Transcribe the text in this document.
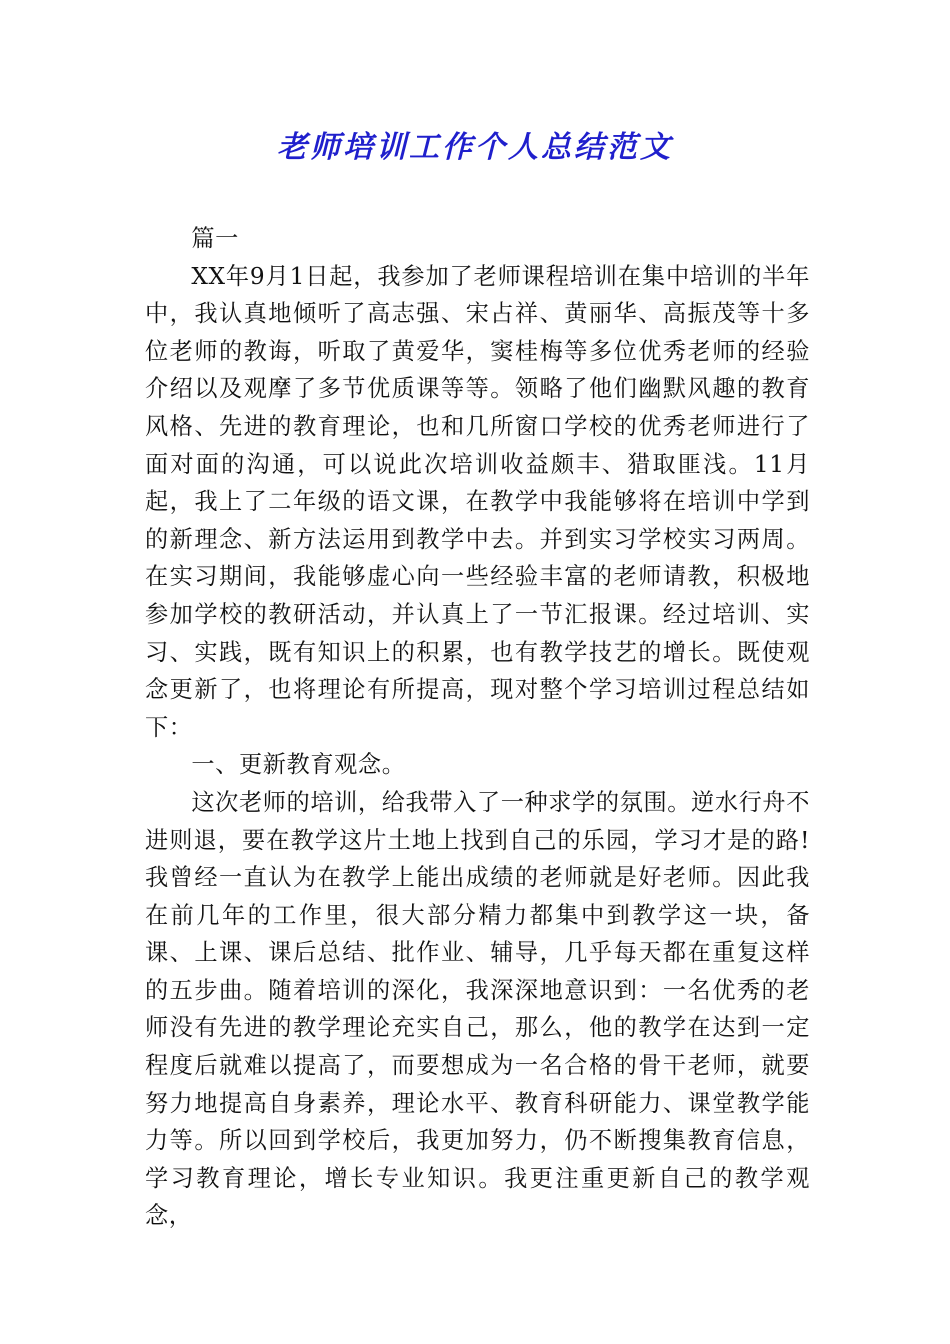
老师培训工作个人总结范文

篇一

XX年9月1日起，我参加了老师课程培训在集中培训的半年中，我认真地倾听了高志强、宋占祥、黄丽华、高振茂等十多位老师的教诲，听取了黄爱华，窦桂梅等多位优秀老师的经验介绍以及观摩了多节优质课等等。领略了他们幽默风趣的教育风格、先进的教育理论，也和几所窗口学校的优秀老师进行了面对面的沟通，可以说此次培训收益颇丰、猎取匪浅。11月起，我上了二年级的语文课，在教学中我能够将在培训中学到的新理念、新方法运用到教学中去。并到实习学校实习两周。在实习期间，我能够虚心向一些经验丰富的老师请教，积极地参加学校的教研活动，并认真上了一节汇报课。经过培训、实习、实践，既有知识上的积累，也有教学技艺的增长。既使观念更新了，也将理论有所提高，现对整个学习培训过程总结如下：

一、更新教育观念。

这次老师的培训，给我带入了一种求学的氛围。逆水行舟不进则退，要在教学这片土地上找到自己的乐园，学习才是的路!我曾经一直认为在教学上能出成绩的老师就是好老师。因此我在前几年的工作里，很大部分精力都集中到教学这一块，备课、上课、课后总结、批作业、辅导，几乎每天都在重复这样的五步曲。随着培训的深化，我深深地意识到：一名优秀的老师没有先进的教学理论充实自己，那么，他的教学在达到一定程度后就难以提高了，而要想成为一名合格的骨干老师，就要努力地提高自身素养，理论水平、教育科研能力、课堂教学能力等。所以回到学校后，我更加努力，仍不断搜集教育信息，学习教育理论，增长专业知识。我更注重更新自己的教学观念，
